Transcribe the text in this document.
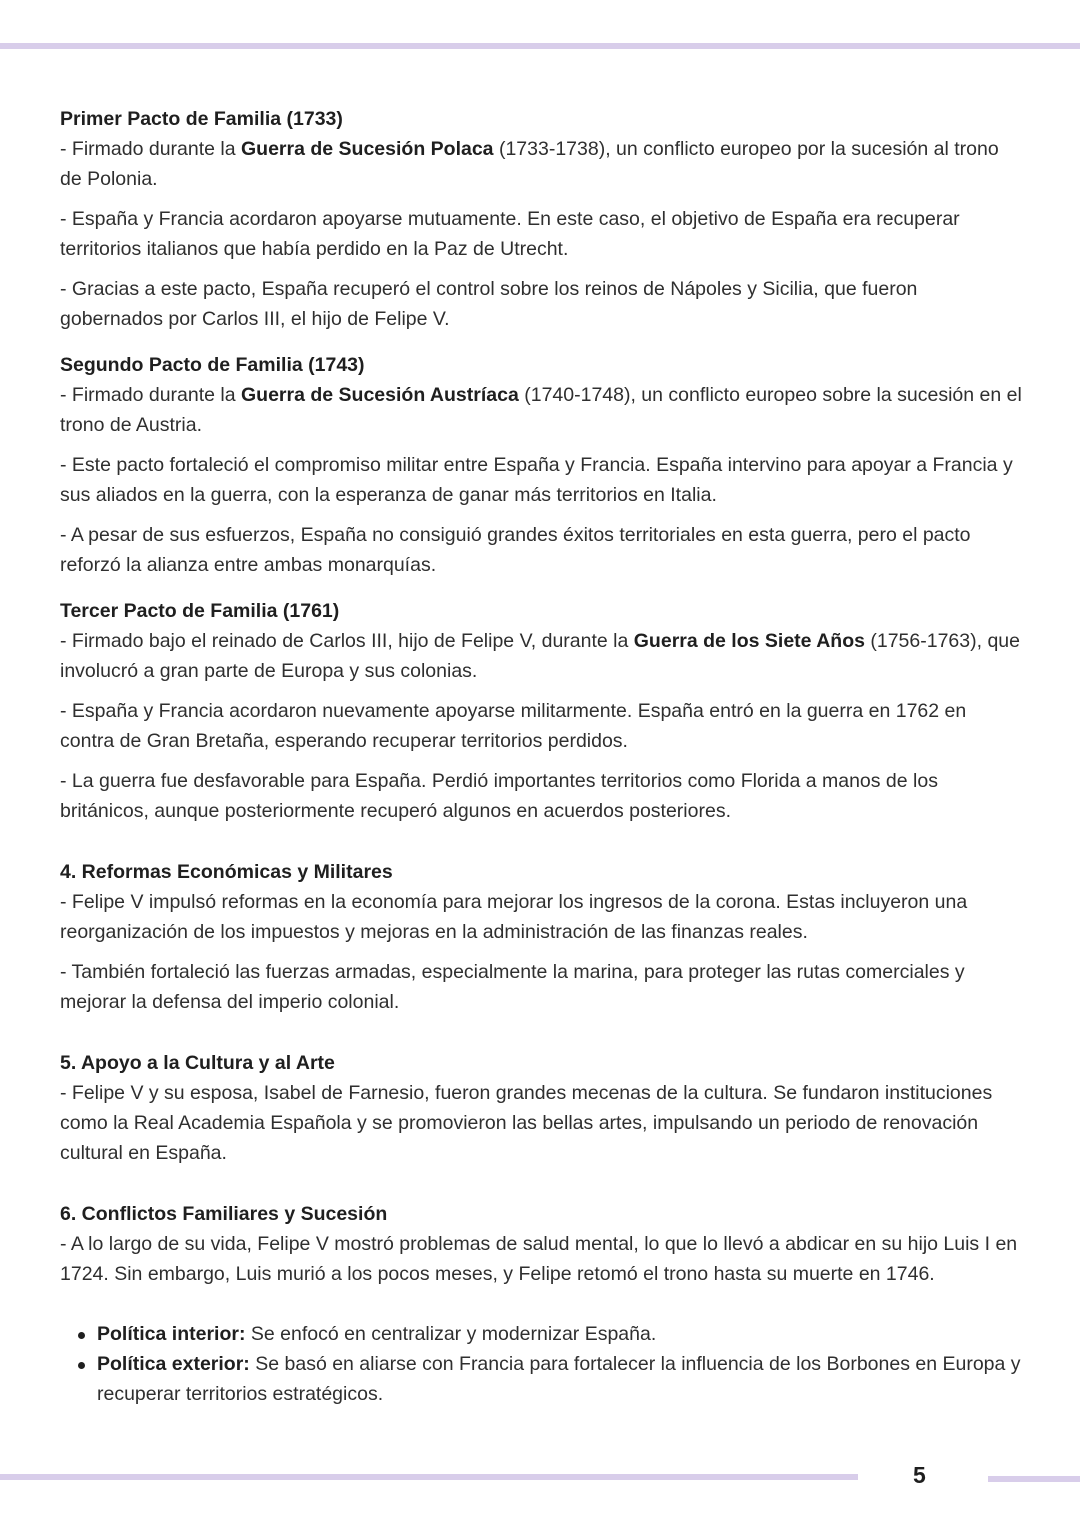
Primer Pacto de Familia (1733)

- Firmado durante la Guerra de Sucesión Polaca (1733-1738), un conflicto europeo por la sucesión al trono de Polonia.

- España y Francia acordaron apoyarse mutuamente. En este caso, el objetivo de España era recuperar territorios italianos que había perdido en la Paz de Utrecht.

- Gracias a este pacto, España recuperó el control sobre los reinos de Nápoles y Sicilia, que fueron gobernados por Carlos III, el hijo de Felipe V.

Segundo Pacto de Familia (1743)

- Firmado durante la Guerra de Sucesión Austríaca (1740-1748), un conflicto europeo sobre la sucesión en el trono de Austria.

- Este pacto fortaleció el compromiso militar entre España y Francia. España intervino para apoyar a Francia y sus aliados en la guerra, con la esperanza de ganar más territorios en Italia.

- A pesar de sus esfuerzos, España no consiguió grandes éxitos territoriales en esta guerra, pero el pacto reforzó la alianza entre ambas monarquías.

Tercer Pacto de Familia (1761)

- Firmado bajo el reinado de Carlos III, hijo de Felipe V, durante la Guerra de los Siete Años (1756-1763), que involucró a gran parte de Europa y sus colonias.

- España y Francia acordaron nuevamente apoyarse militarmente. España entró en la guerra en 1762 en contra de Gran Bretaña, esperando recuperar territorios perdidos.

- La guerra fue desfavorable para España. Perdió importantes territorios como Florida a manos de los británicos, aunque posteriormente recuperó algunos en acuerdos posteriores.

4. Reformas Económicas y Militares

- Felipe V impulsó reformas en la economía para mejorar los ingresos de la corona. Estas incluyeron una reorganización de los impuestos y mejoras en la administración de las finanzas reales.

- También fortaleció las fuerzas armadas, especialmente la marina, para proteger las rutas comerciales y mejorar la defensa del imperio colonial.

5. Apoyo a la Cultura y al Arte

- Felipe V y su esposa, Isabel de Farnesio, fueron grandes mecenas de la cultura. Se fundaron instituciones como la Real Academia Española y se promovieron las bellas artes, impulsando un periodo de renovación cultural en España.

6. Conflictos Familiares y Sucesión

- A lo largo de su vida, Felipe V mostró problemas de salud mental, lo que lo llevó a abdicar en su hijo Luis I en 1724. Sin embargo, Luis murió a los pocos meses, y Felipe retomó el trono hasta su muerte en 1746.

Política interior: Se enfocó en centralizar y modernizar España.
Política exterior: Se basó en aliarse con Francia para fortalecer la influencia de los Borbones en Europa y recuperar territorios estratégicos.
5
